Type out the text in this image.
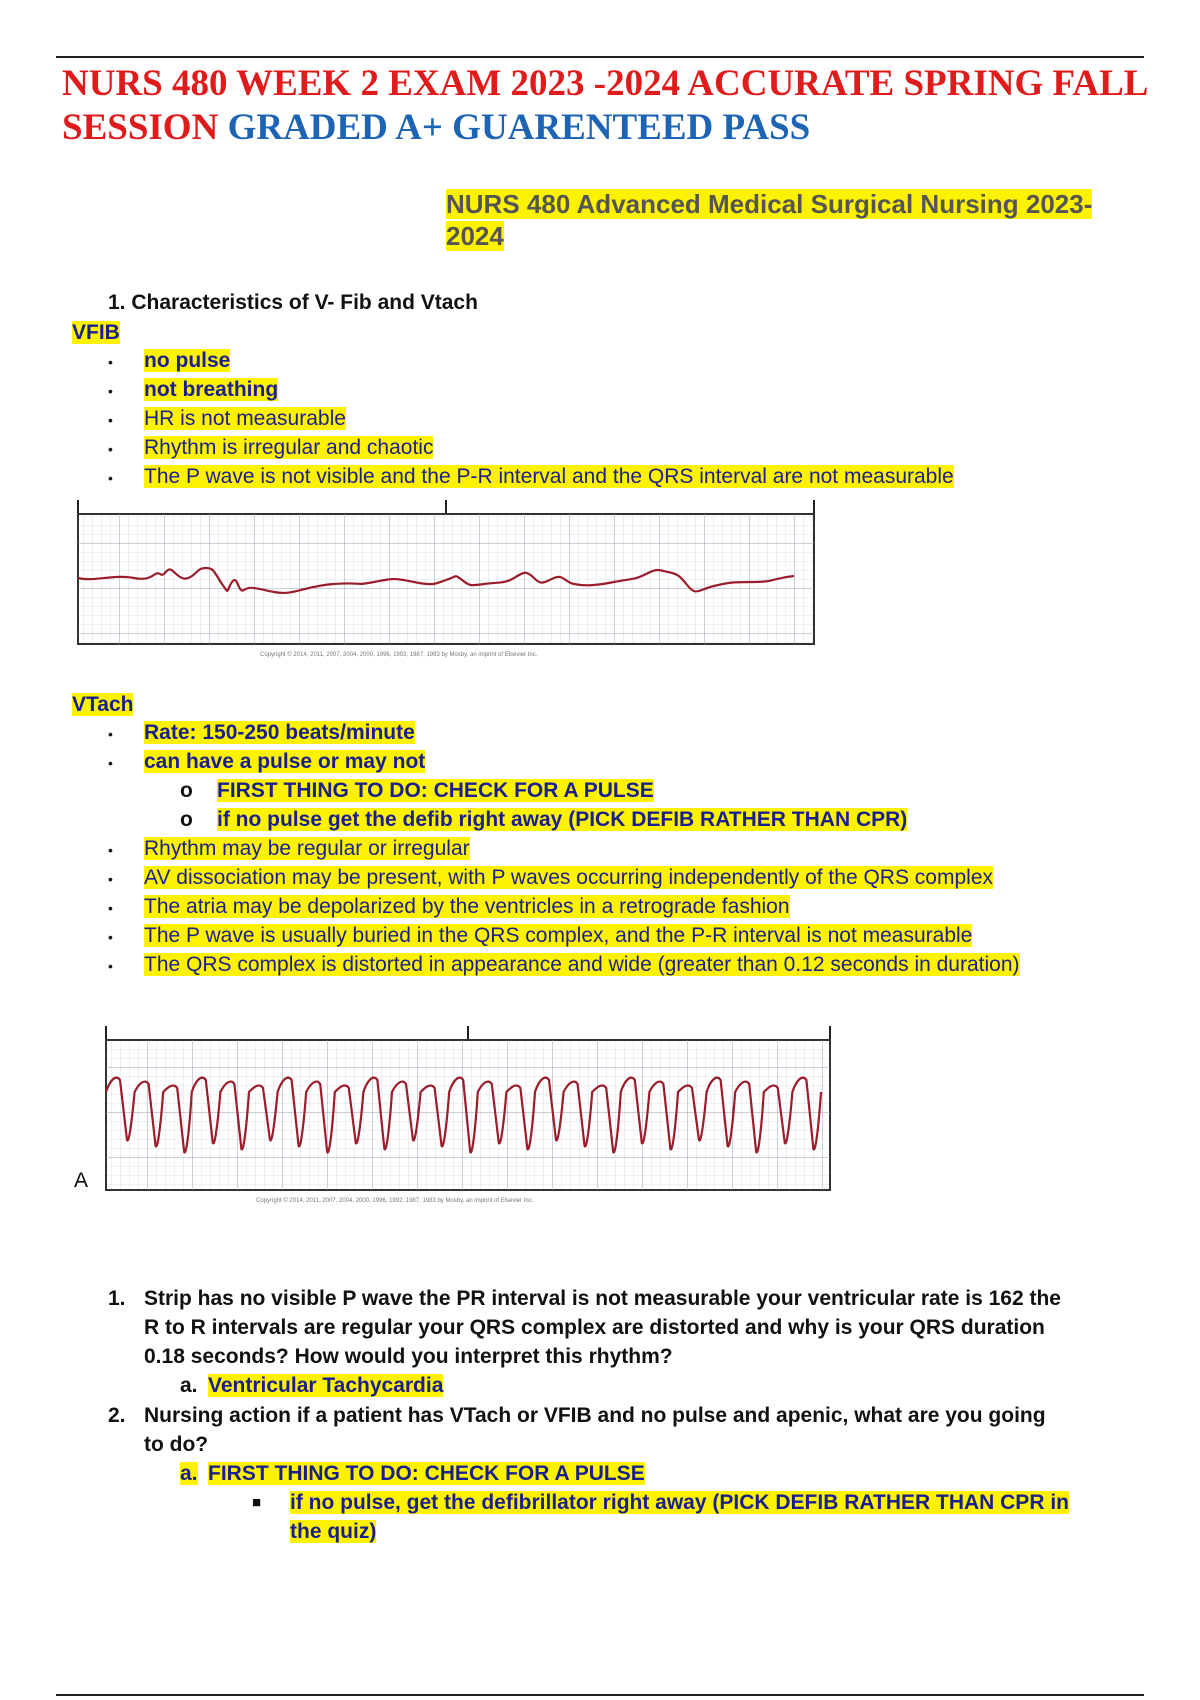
NURS 480 WEEK 2 EXAM 2023 -2024 ACCURATE SPRING FALL SESSION GRADED A+ GUARENTEED PASS
NURS 480 Advanced Medical Surgical Nursing 2023-2024
1. Characteristics of V- Fib and Vtach
VFIB
• no pulse
• not breathing
• HR is not measurable
• Rhythm is irregular and chaotic
• The P wave is not visible and the P-R interval and the QRS interval are not measurable
Copyright © 2014, 2011, 2007, 2004, 2000, 1996, 1992, 1987, 1983 by Mosby, an imprint of Elsevier Inc.
VTach
• Rate: 150-250 beats/minute
• can have a pulse or may not
o FIRST THING TO DO: CHECK FOR A PULSE
o if no pulse get the defib right away (PICK DEFIB RATHER THAN CPR)
• Rhythm may be regular or irregular
• AV dissociation may be present, with P waves occurring independently of the QRS complex
• The atria may be depolarized by the ventricles in a retrograde fashion
• The P wave is usually buried in the QRS complex, and the P-R interval is not measurable
• The QRS complex is distorted in appearance and wide (greater than 0.12 seconds in duration)
A
Copyright © 2014, 2011, 2007, 2004, 2000, 1996, 1992, 1987, 1983 by Mosby, an imprint of Elsevier Inc.
1. Strip has no visible P wave the PR interval is not measurable your ventricular rate is 162 the
R to R intervals are regular your QRS complex are distorted and why is your QRS duration
0.18 seconds? How would you interpret this rhythm?
a. Ventricular Tachycardia
2. Nursing action if a patient has VTach or VFIB and no pulse and apenic, what are you going
to do?
a. FIRST THING TO DO: CHECK FOR A PULSE
■ if no pulse, get the defibrillator right away (PICK DEFIB RATHER THAN CPR in
the quiz)
